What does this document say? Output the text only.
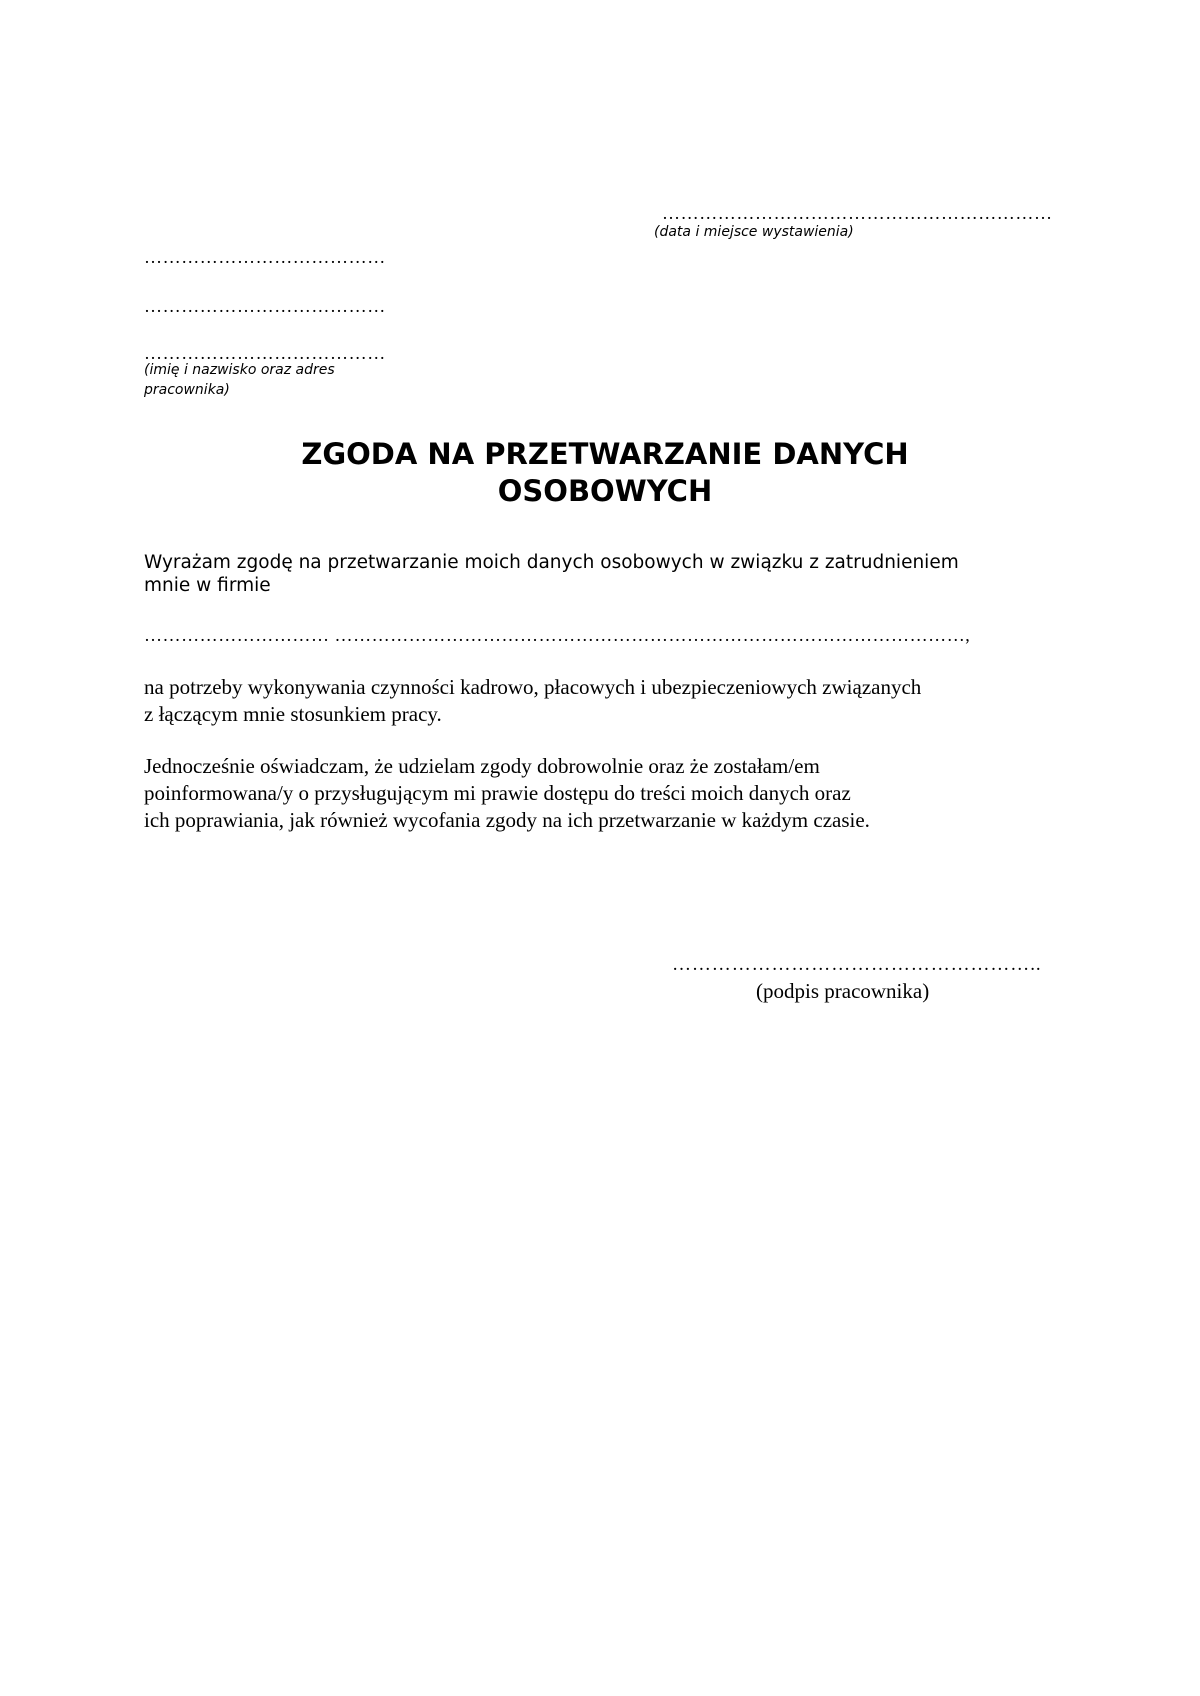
………………………………………………………
(data i miejsce wystawienia)
…………………………………
…………………………………
…………………………………
(imię i nazwisko oraz adres
pracownika)
ZGODA NA PRZETWARZANIE DANYCH
OSOBOWYCH
Wyrażam zgodę na przetwarzanie moich danych osobowych w związku z zatrudnieniem
mnie w firmie
………………………… …………………………………………………………………………………………,
na potrzeby wykonywania czynności kadrowo, płacowych i ubezpieczeniowych związanych
z łączącym mnie stosunkiem pracy.
Jednocześnie oświadczam, że udzielam zgody dobrowolnie oraz że zostałam/em
poinformowana/y o przysługującym mi prawie dostępu do treści moich danych oraz
ich poprawiania, jak również wycofania zgody na ich przetwarzanie w każdym czasie.
………………………………………………..
(podpis pracownika)
